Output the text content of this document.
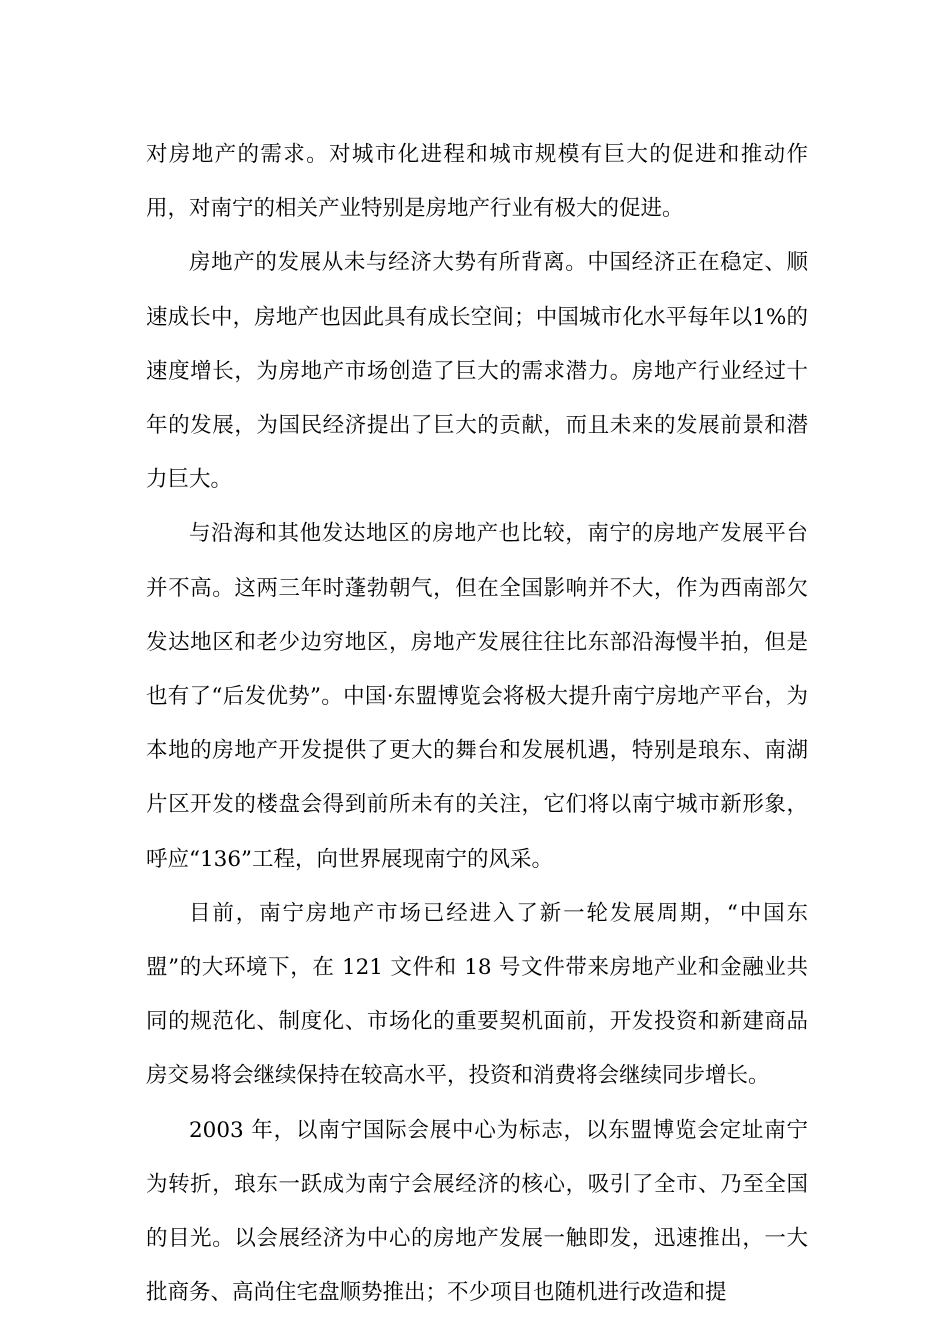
对房地产的需求。对城市化进程和城市规模有巨大的促进和推动作用，对南宁的相关产业特别是房地产行业有极大的促进。

房地产的发展从未与经济大势有所背离。中国经济正在稳定、顺速成长中，房地产也因此具有成长空间；中国城市化水平每年以1%的速度增长，为房地产市场创造了巨大的需求潜力。房地产行业经过十年的发展，为国民经济提出了巨大的贡献，而且未来的发展前景和潜力巨大。

与沿海和其他发达地区的房地产也比较，南宁的房地产发展平台并不高。这两三年时蓬勃朝气，但在全国影响并不大，作为西南部欠发达地区和老少边穷地区，房地产发展往往比东部沿海慢半拍，但是也有了“后发优势”。中国·东盟博览会将极大提升南宁房地产平台，为本地的房地产开发提供了更大的舞台和发展机遇，特别是琅东、南湖片区开发的楼盘会得到前所未有的关注，它们将以南宁城市新形象，呼应“136”工程，向世界展现南宁的风采。

目前，南宁房地产市场已经进入了新一轮发展周期，“中国东盟”的大环境下，在 121 文件和 18 号文件带来房地产业和金融业共同的规范化、制度化、市场化的重要契机面前，开发投资和新建商品房交易将会继续保持在较高水平，投资和消费将会继续同步增长。

2003 年，以南宁国际会展中心为标志，以东盟博览会定址南宁为转折，琅东一跃成为南宁会展经济的核心，吸引了全市、乃至全国的目光。以会展经济为中心的房地产发展一触即发，迅速推出，一大批商务、高尚住宅盘顺势推出；不少项目也随机进行改造和提
